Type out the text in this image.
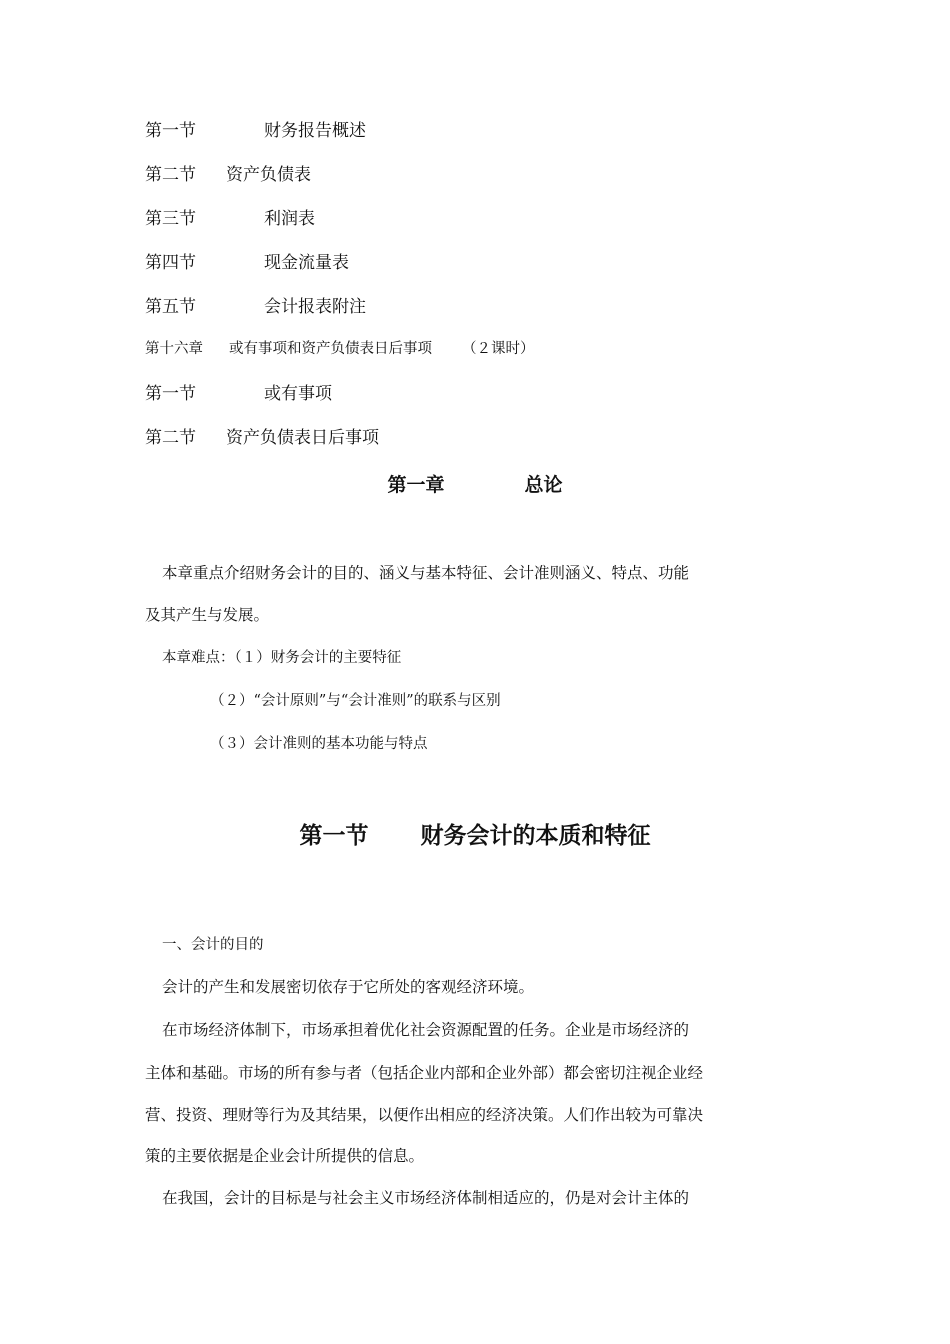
第一节	财务报告概述
第二节 资产负债表
第三节	利润表
第四节	现金流量表
第五节	会计报表附注
第十六章 或有事项和资产负债表日后事项 （２课时）
第一节	或有事项
第二节 资产负债表日后事项
第一章	总论
本章重点介绍财务会计的目的、涵义与基本特征、会计准则涵义、特点、功能
及其产生与发展。
本章难点：（１）财务会计的主要特征
（２）“会计原则”与“会计准则”的联系与区别
（３）会计准则的基本功能与特点
第一节 财务会计的本质和特征
一、会计的目的
会计的产生和发展密切依存于它所处的客观经济环境。
在市场经济体制下，市场承担着优化社会资源配置的任务。企业是市场经济的
主体和基础。市场的所有参与者（包括企业内部和企业外部）都会密切注视企业经
营、投资、理财等行为及其结果，以便作出相应的经济决策。人们作出较为可靠决
策的主要依据是企业会计所提供的信息。
在我国，会计的目标是与社会主义市场经济体制相适应的，仍是对会计主体的
